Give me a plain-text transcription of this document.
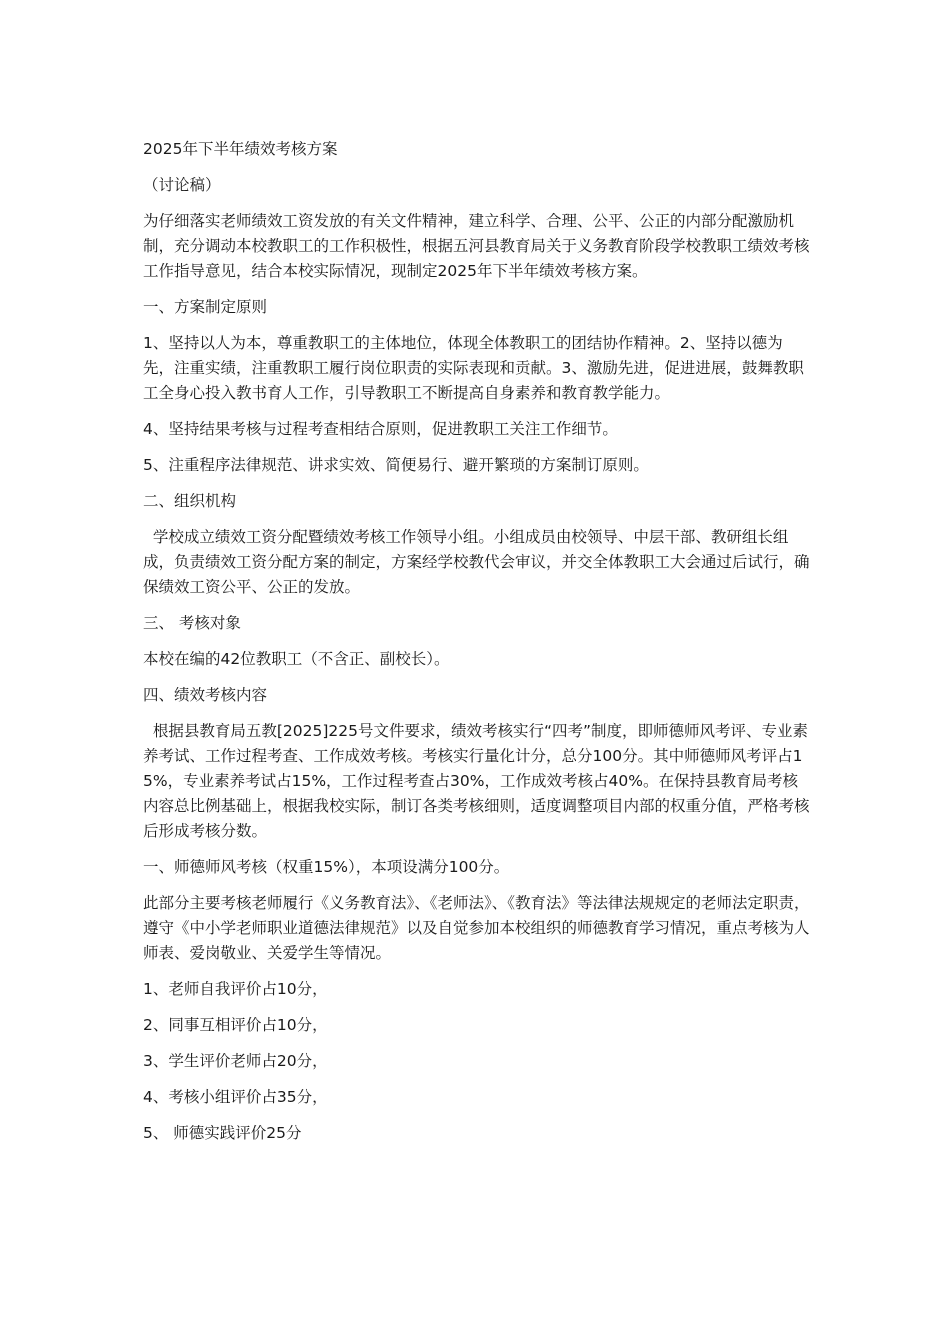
2025年下半年绩效考核方案

（讨论稿）

为仔细落实老师绩效工资发放的有关文件精神，建立科学、合理、公平、公正的内部分配激励机制，充分调动本校教职工的工作积极性，根据五河县教育局关于义务教育阶段学校教职工绩效考核工作指导意见，结合本校实际情况，现制定2025年下半年绩效考核方案。

一、方案制定原则

1、坚持以人为本，尊重教职工的主体地位，体现全体教职工的团结协作精神。2、坚持以德为先，注重实绩，注重教职工履行岗位职责的实际表现和贡献。3、激励先进，促进进展，鼓舞教职工全身心投入教书育人工作，引导教职工不断提高自身素养和教育教学能力。

4、坚持结果考核与过程考查相结合原则，促进教职工关注工作细节。

5、注重程序法律规范、讲求实效、简便易行、避开繁琐的方案制订原则。

二、组织机构

学校成立绩效工资分配暨绩效考核工作领导小组。小组成员由校领导、中层干部、教研组长组成，负责绩效工资分配方案的制定，方案经学校教代会审议，并交全体教职工大会通过后试行，确保绩效工资公平、公正的发放。

三、 考核对象

本校在编的42位教职工（不含正、副校长）。

四、绩效考核内容

根据县教育局五教[2025]225号文件要求，绩效考核实行“四考”制度，即师德师风考评、专业素养考试、工作过程考查、工作成效考核。考核实行量化计分，总分100分。其中师德师风考评占15%，专业素养考试占15%，工作过程考查占30%，工作成效考核占40%。在保持县教育局考核内容总比例基础上，根据我校实际，制订各类考核细则，适度调整项目内部的权重分值，严格考核后形成考核分数。

一、师德师风考核（权重15%），本项设满分100分。

此部分主要考核老师履行《义务教育法》、《老师法》、《教育法》等法律法规规定的老师法定职责，遵守《中小学老师职业道德法律规范》以及自觉参加本校组织的师德教育学习情况，重点考核为人师表、爱岗敬业、关爱学生等情况。

1、老师自我评价占10分，

2、同事互相评价占10分，

3、学生评价老师占20分，

4、考核小组评价占35分，

5、 师德实践评价25分
